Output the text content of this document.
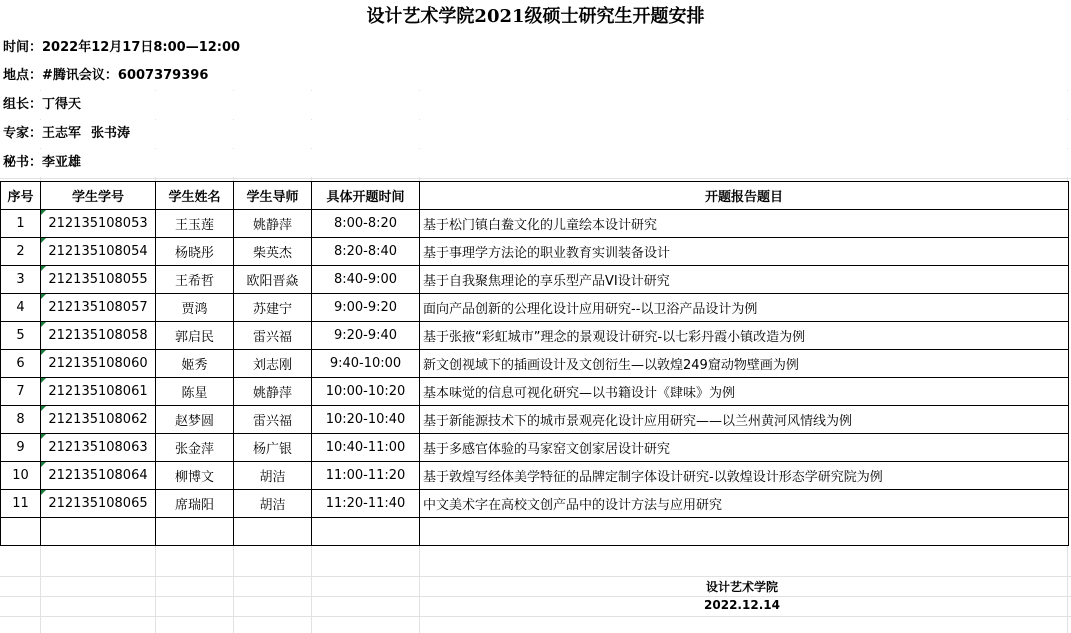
设计艺术学院2021级硕士研究生开题安排
时间：2022年12月17日8:00—12:00
地点：#腾讯会议：6007379396
组长：丁得天
专家：王志军 张书涛
秘书：李亚雄
序号	学生学号	学生姓名	学生导师	具体开题时间	开题报告题目
1	212135108053	王玉莲	姚静萍	8:00-8:20	基于松门镇白鲞文化的儿童绘本设计研究
2	212135108054	杨晓彤	柴英杰	8:20-8:40	基于事理学方法论的职业教育实训装备设计
3	212135108055	王希哲	欧阳晋焱	8:40-9:00	基于自我聚焦理论的享乐型产品VI设计研究
4	212135108057	贾鸿	苏建宁	9:00-9:20	面向产品创新的公理化设计应用研究--以卫浴产品设计为例
5	212135108058	郭启民	雷兴福	9:20-9:40	基于张掖“彩虹城市”理念的景观设计研究-以七彩丹霞小镇改造为例
6	212135108060	姬秀	刘志刚	9:40-10:00	新文创视域下的插画设计及文创衍生—以敦煌249窟动物壁画为例
7	212135108061	陈星	姚静萍	10:00-10:20	基本味觉的信息可视化研究—以书籍设计《肆味》为例
8	212135108062	赵梦圆	雷兴福	10:20-10:40	基于新能源技术下的城市景观亮化设计应用研究——以兰州黄河风情线为例
9	212135108063	张金萍	杨广银	10:40-11:00	基于多感官体验的马家窑文创家居设计研究
10	212135108064	柳博文	胡洁	11:00-11:20	基于敦煌写经体美学特征的品牌定制字体设计研究-以敦煌设计形态学研究院为例
11	212135108065	席瑞阳	胡洁	11:20-11:40	中文美术字在高校文创产品中的设计方法与应用研究

设计艺术学院
2022.12.14
